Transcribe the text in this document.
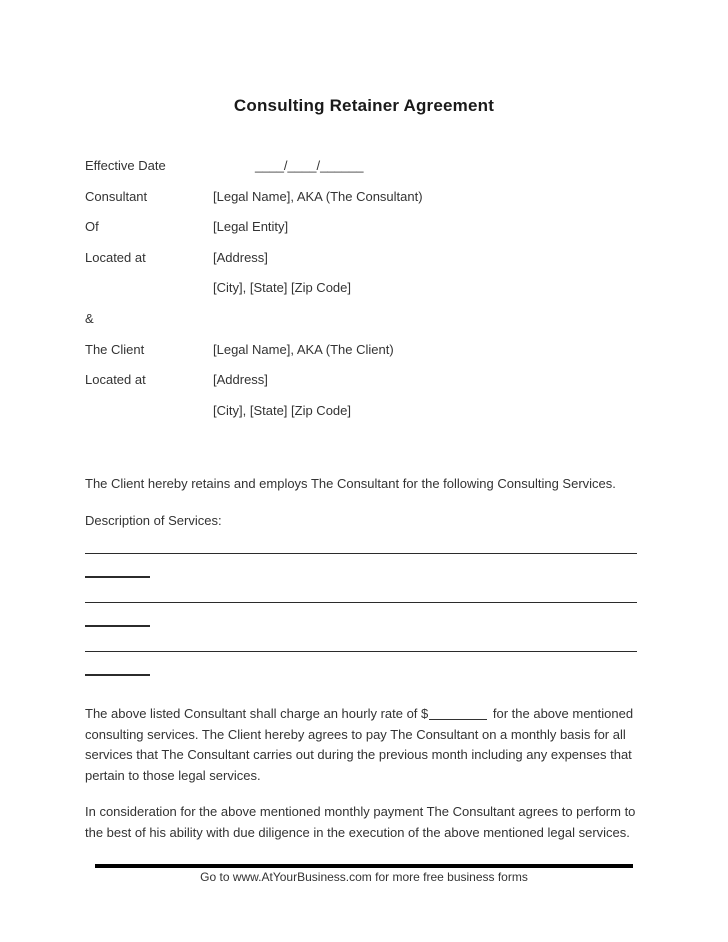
Consulting Retainer Agreement
Effective Date	____/____/______
Consultant	[Legal Name], AKA (The Consultant)
Of	[Legal Entity]
Located at	[Address]
[City], [State] [Zip Code]
&
The Client	[Legal Name], AKA (The Client)
Located at	[Address]
[City], [State] [Zip Code]

The Client hereby retains and employs The Consultant for the following Consulting Services.

Description of Services:

The above listed Consultant shall charge an hourly rate of $	for the above mentioned consulting services. The Client hereby agrees to pay The Consultant on a monthly basis for all services that The Consultant carries out during the previous month including any expenses that pertain to those legal services.

In consideration for the above mentioned monthly payment The Consultant agrees to perform to the best of his ability with due diligence in the execution of the above mentioned legal services.

Go to www.AtYourBusiness.com for more free business forms
